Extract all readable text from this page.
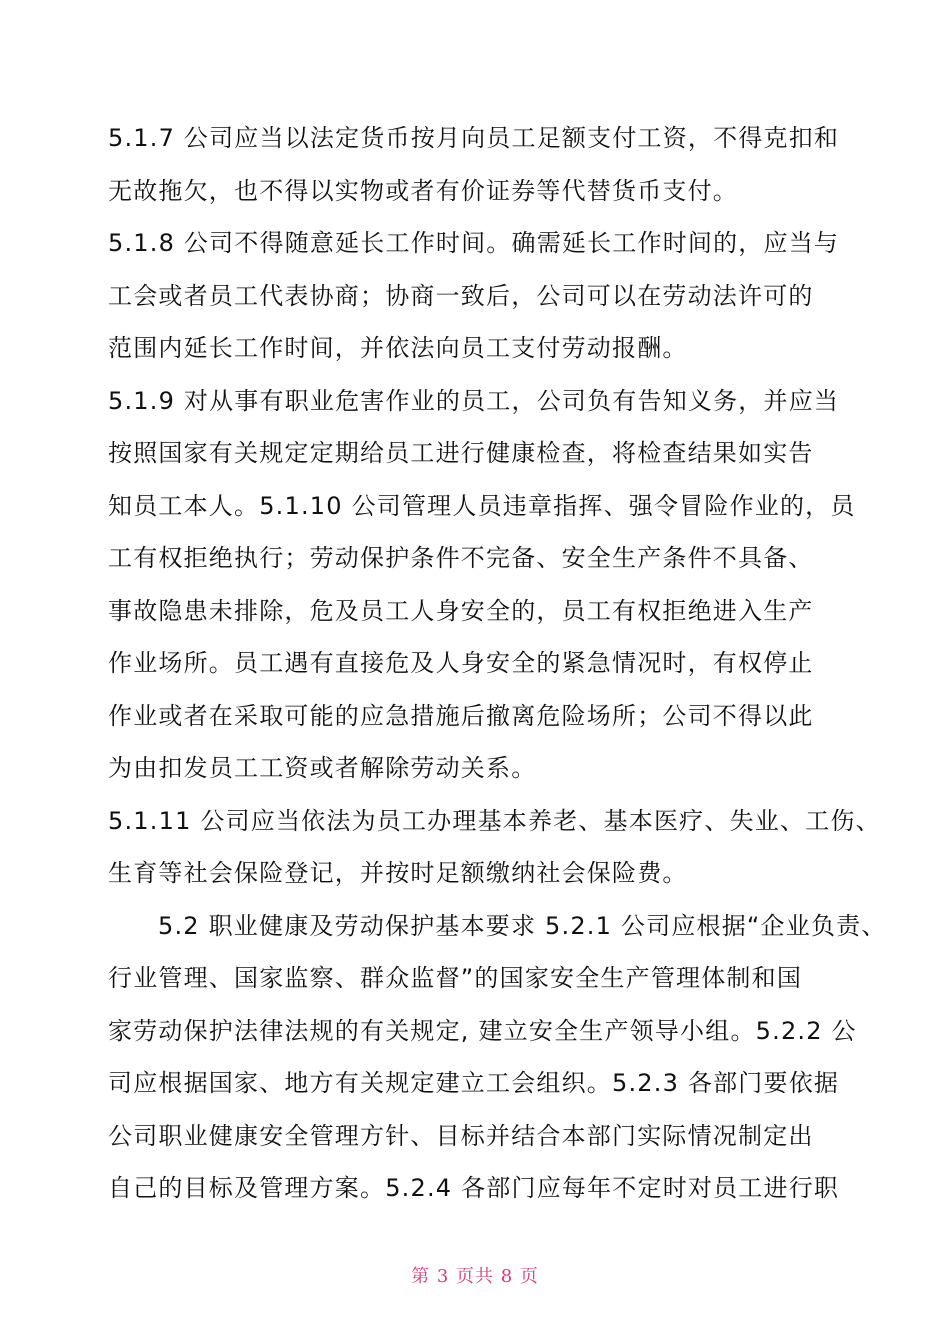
5.1.7 公司应当以法定货币按月向员工足额支付工资，不得克扣和
无故拖欠，也不得以实物或者有价证券等代替货币支付。
5.1.8 公司不得随意延长工作时间。确需延长工作时间的，应当与
工会或者员工代表协商；协商一致后，公司可以在劳动法许可的
范围内延长工作时间，并依法向员工支付劳动报酬。
5.1.9 对从事有职业危害作业的员工，公司负有告知义务，并应当
按照国家有关规定定期给员工进行健康检查，将检查结果如实告
知员工本人。5.1.10 公司管理人员违章指挥、强令冒险作业的，员
工有权拒绝执行；劳动保护条件不完备、安全生产条件不具备、
事故隐患未排除，危及员工人身安全的，员工有权拒绝进入生产
作业场所。员工遇有直接危及人身安全的紧急情况时，有权停止
作业或者在采取可能的应急措施后撤离危险场所；公司不得以此
为由扣发员工工资或者解除劳动关系。
5.1.11 公司应当依法为员工办理基本养老、基本医疗、失业、工伤、
生育等社会保险登记，并按时足额缴纳社会保险费。
5.2 职业健康及劳动保护基本要求 5.2.1 公司应根据“企业负责、
行业管理、国家监察、群众监督”的国家安全生产管理体制和国
家劳动保护法律法规的有关规定, 建立安全生产领导小组。5.2.2 公
司应根据国家、地方有关规定建立工会组织。5.2.3 各部门要依据
公司职业健康安全管理方针、目标并结合本部门实际情况制定出
自己的目标及管理方案。5.2.4 各部门应每年不定时对员工进行职
第 3 页共 8 页
